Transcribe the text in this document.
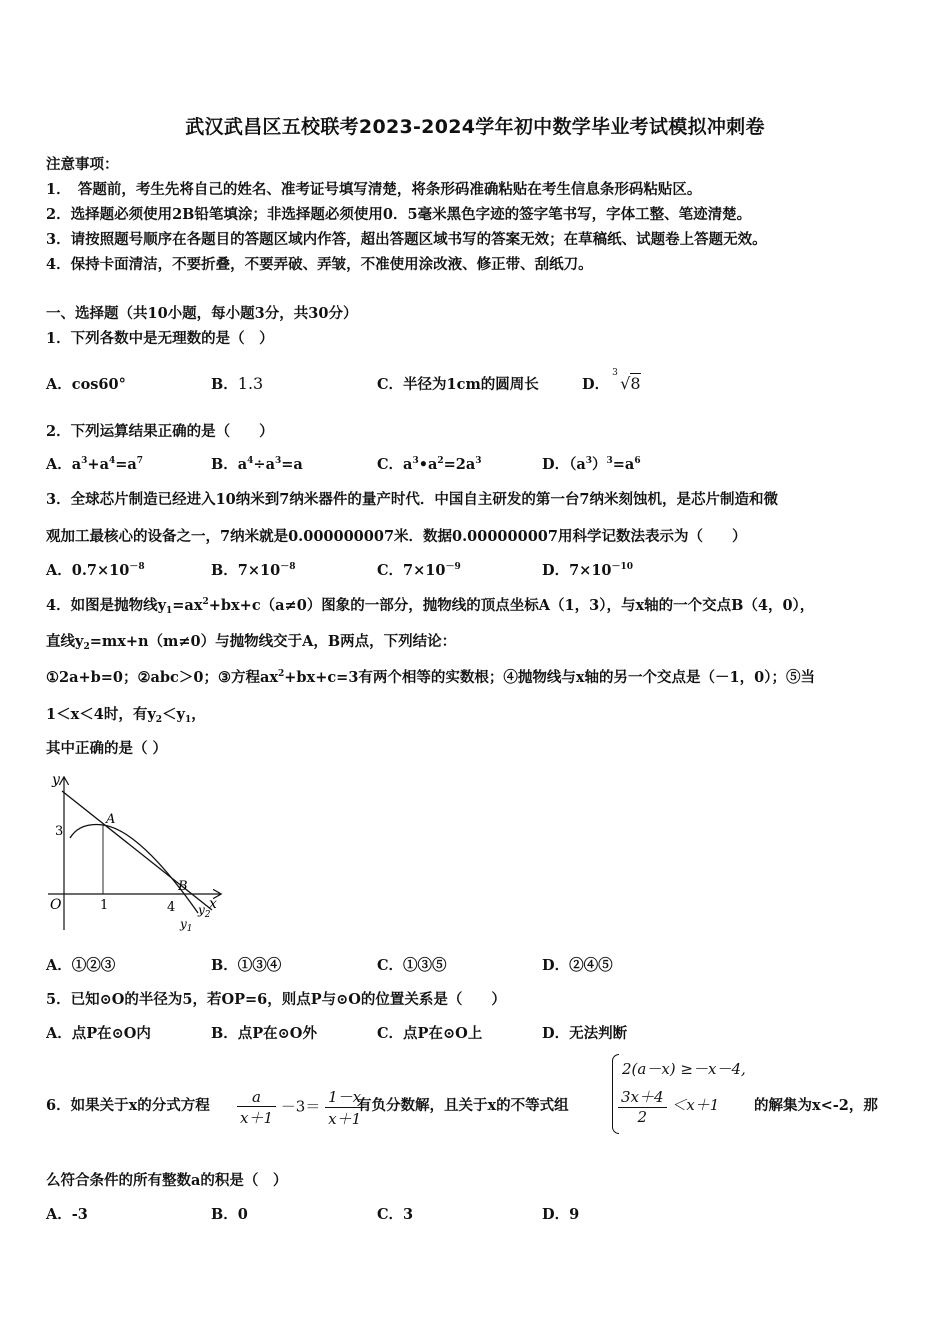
武汉武昌区五校联考2023-2024学年初中数学毕业考试模拟冲刺卷
注意事项：
1．　答题前，考生先将自己的姓名、准考证号填写清楚，将条形码准确粘贴在考生信息条形码粘贴区。
2．选择题必须使用2B铅笔填涂；非选择题必须使用0．5毫米黑色字迹的签字笔书写，字体工整、笔迹清楚。
3．请按照题号顺序在各题目的答题区域内作答，超出答题区域书写的答案无效；在草稿纸、试题卷上答题无效。
4．保持卡面清洁，不要折叠，不要弄破、弄皱，不准使用涂改液、修正带、刮纸刀。
一、选择题（共10小题，每小题3分，共30分）
1．下列各数中是无理数的是（　）
A．cos60°	B．1.3	C．半径为1cm的圆周长	D．
3
√8
2．下列运算结果正确的是（　　）
A．$a^3+a^4=a^7$	B．$a^4\div a^3=a$	C．$a^3•a^2=2a^3$	D．$(a^3)^3=a^6$
3．全球芯片制造已经进入10纳米到7纳米器件的量产时代．中国自主研发的第一台7纳米刻蚀机，是芯片制造和微
观加工最核心的设备之一，7纳米就是0.000000007米．数据0.000000007用科学记数法表示为（　　）
A．$0.7\times 10^{-8}$	B．$7\times 10^{-8}$	C．$7\times 10^{-9}$	D．$7\times 10^{-10}$
4．如图是抛物线$y_1=ax^2+bx+c(a\ne 0)$图象的一部分，抛物线的顶点坐标A（1，3），与x轴的一个交点B（4，0），
直线$y_2=mx+n(m\ne 0)$与抛物线交于A，B两点，下列结论：
①2a+b=0；②abc＞0；③方程$ax^2+bx+c=3$有两个相等的实数根；④抛物线与x轴的另一个交点是（－1，0）；⑤当
1＜x＜4时，有$y_2<y_1$，
其中正确的是（ ）
y
x
O	1	4
3
A
B
$y_2$
$y_1$
A．①②③	B．①③④	C．①③⑤	D．②④⑤
5．已知⊙O的半径为5，若OP=6，则点P与⊙O的位置关系是（　　）
A．点P在⊙O内	B．点P在⊙O外	C．点P在⊙O上	D．无法判断
6．如果关于x的分式方程 $\frac{a}{x+1} -3= \frac{1-x}{x+1}$
有负分数解，且关于x的不等式组
2(a－x) ≥－x－4,
$\frac{3x+4}{2} <x+1$ 的解集为x<-2，那
么符合条件的所有整数a的积是（　）
A．-3	B．0	C．3	D．9
